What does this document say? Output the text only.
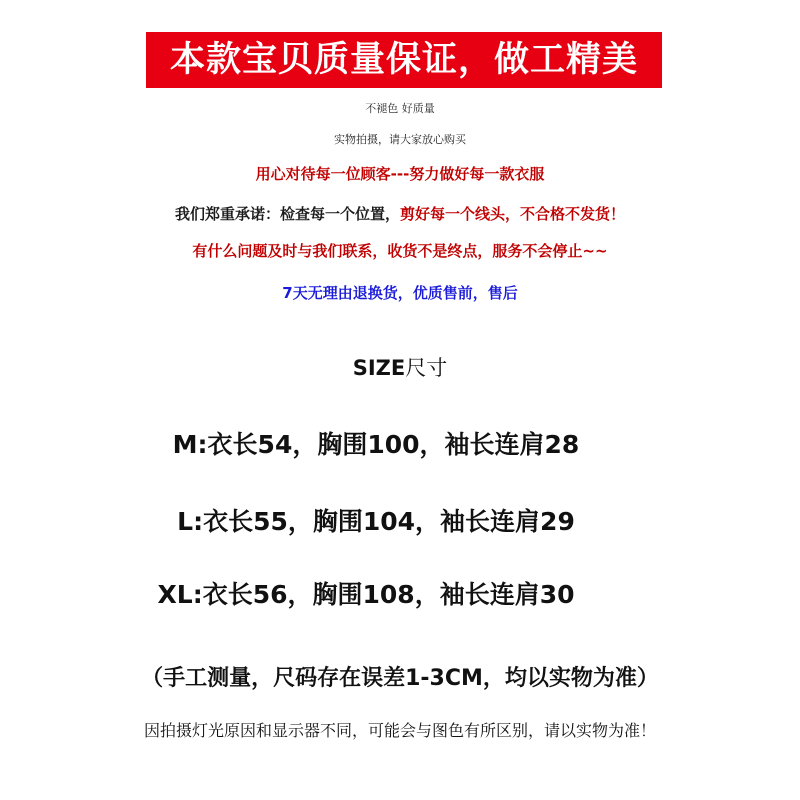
本款宝贝质量保证，做工精美
不褪色 好质量
实物拍摄，请大家放心购买
用心对待每一位顾客---努力做好每一款衣服
我们郑重承诺：检查每一个位置，剪好每一个线头，不合格不发货！
有什么问题及时与我们联系，收货不是终点，服务不会停止~~
7天无理由退换货，优质售前，售后
SIZE尺寸
M:衣长54，胸围100，袖长连肩28
L:衣长55，胸围104，袖长连肩29
XL:衣长56，胸围108，袖长连肩30
（手工测量，尺码存在误差1-3CM，均以实物为准）
因拍摄灯光原因和显示器不同，可能会与图色有所区别，请以实物为准！
